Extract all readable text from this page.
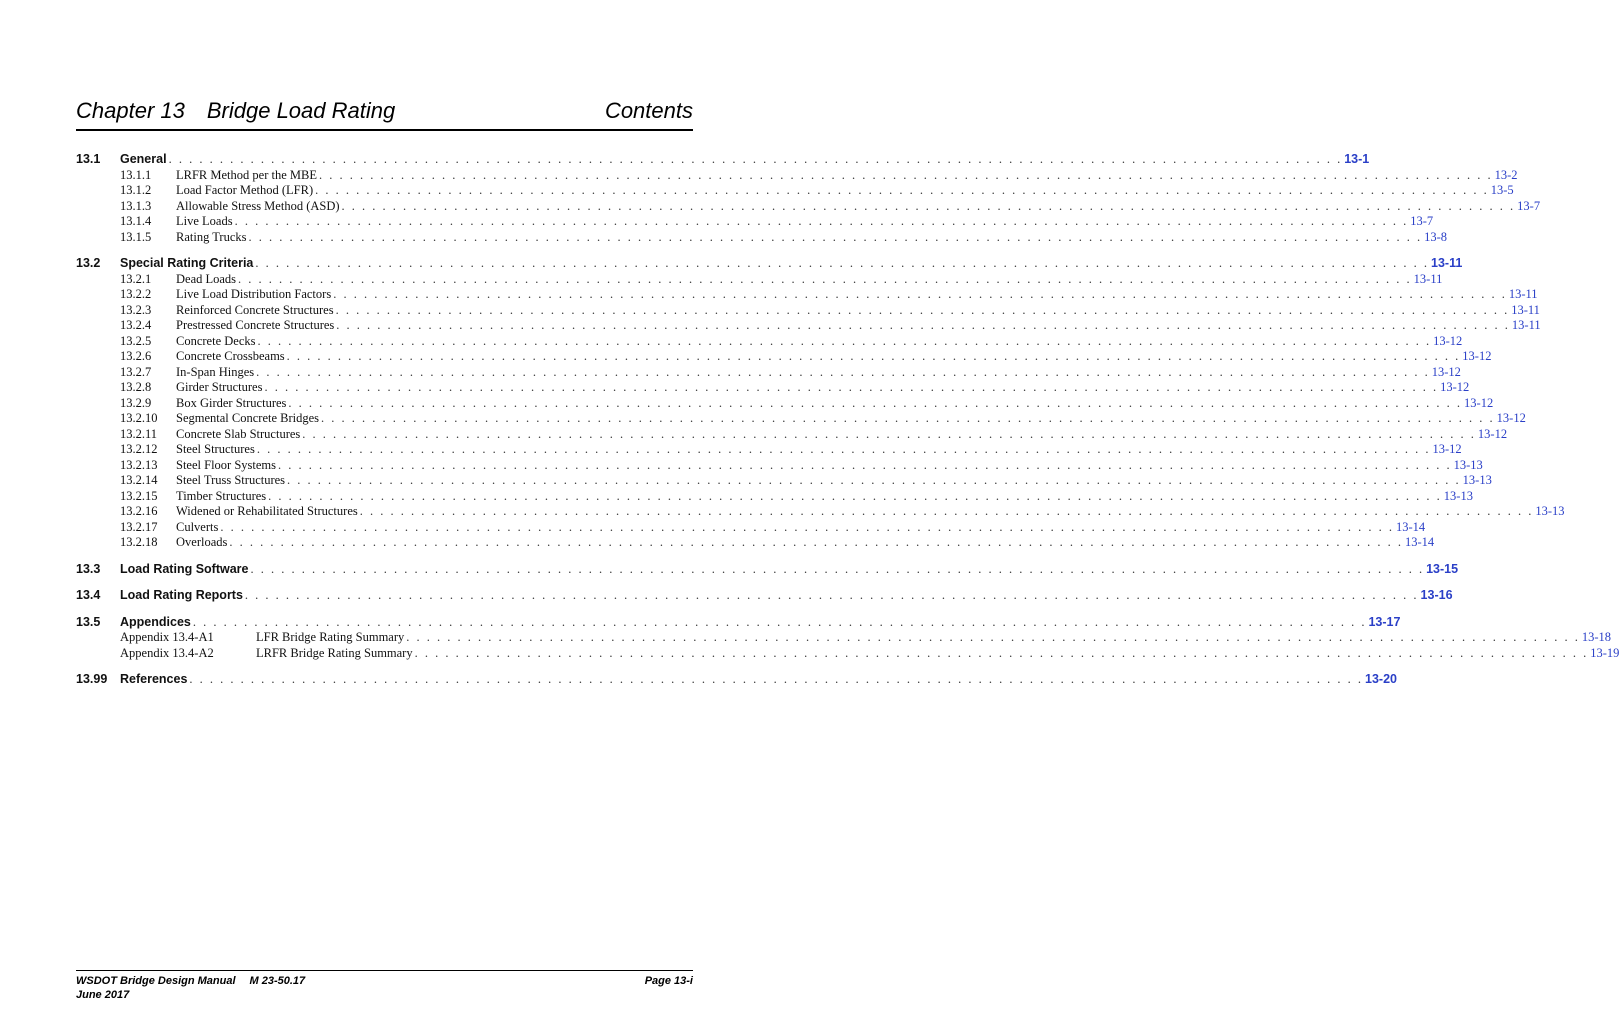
Chapter 13 Bridge Load Rating	Contents
13.1 General . . . . . . . . . . . . . . . . . . . . . . . . . . . . . . . . . . . . . . . . . . . . . . . . . . . . . . . . . . . . . . . . . . . . . . . . . . . . . . . . . . . . . . . . . . . . . . . . . . . . . . . . . . . . . . . . . . . 13-1
13.1.1 LRFR Method per the MBE . . . . . . . . . . . . . . . . . . . . . . . . . . . . . . . . . . . . . . . . . . . . . . . . . . . . . . . . . . . . . . . . . . . . . . . . . . . . . . . . . . . . . . . . . . . . . . . . . . . . . . . . . . . . . . . . . . . 13-2
13.1.2 Load Factor Method (LFR) . . . . . . . . . . . . . . . . . . . . . . . . . . . . . . . . . . . . . . . . . . . . . . . . . . . . . . . . . . . . . . . . . . . . . . . . . . . . . . . . . . . . . . . . . . . . . . . . . . . . . . . . . . . . . . . . . . . 13-5
13.1.3 Allowable Stress Method (ASD) . . . . . . . . . . . . . . . . . . . . . . . . . . . . . . . . . . . . . . . . . . . . . . . . . . . . . . . . . . . . . . . . . . . . . . . . . . . . . . . . . . . . . . . . . . . . . . . . . . . . . . . . . . . . . . . . . . . 13-7
13.1.4 Live Loads . . . . . . . . . . . . . . . . . . . . . . . . . . . . . . . . . . . . . . . . . . . . . . . . . . . . . . . . . . . . . . . . . . . . . . . . . . . . . . . . . . . . . . . . . . . . . . . . . . . . . . . . . . . . . . . . . . . 13-7
13.1.5 Rating Trucks . . . . . . . . . . . . . . . . . . . . . . . . . . . . . . . . . . . . . . . . . . . . . . . . . . . . . . . . . . . . . . . . . . . . . . . . . . . . . . . . . . . . . . . . . . . . . . . . . . . . . . . . . . . . . . . . . . . 13-8
13.2 Special Rating Criteria . . . . . . . . . . . . . . . . . . . . . . . . . . . . . . . . . . . . . . . . . . . . . . . . . . . . . . . . . . . . . . . . . . . . . . . . . . . . . . . . . . . . . . . . . . . . . . . . . . . . . . . . . . . . . . . . . . . 13-11
13.2.1 Dead Loads . . . . . . . . . . . . . . . . . . . . . . . . . . . . . . . . . . . . . . . . . . . . . . . . . . . . . . . . . . . . . . . . . . . . . . . . . . . . . . . . . . . . . . . . . . . . . . . . . . . . . . . . . . . . . . . . . . . 13-11
13.2.2 Live Load Distribution Factors . . . . . . . . . . . . . . . . . . . . . . . . . . . . . . . . . . . . . . . . . . . . . . . . . . . . . . . . . . . . . . . . . . . . . . . . . . . . . . . . . . . . . . . . . . . . . . . . . . . . . . . . . . . . . . . . . . . 13-11
13.2.3 Reinforced Concrete Structures . . . . . . . . . . . . . . . . . . . . . . . . . . . . . . . . . . . . . . . . . . . . . . . . . . . . . . . . . . . . . . . . . . . . . . . . . . . . . . . . . . . . . . . . . . . . . . . . . . . . . . . . . . . . . . . . . . . 13-11
13.2.4 Prestressed Concrete Structures . . . . . . . . . . . . . . . . . . . . . . . . . . . . . . . . . . . . . . . . . . . . . . . . . . . . . . . . . . . . . . . . . . . . . . . . . . . . . . . . . . . . . . . . . . . . . . . . . . . . . . . . . . . . . . . . . . . 13-11
13.2.5 Concrete Decks . . . . . . . . . . . . . . . . . . . . . . . . . . . . . . . . . . . . . . . . . . . . . . . . . . . . . . . . . . . . . . . . . . . . . . . . . . . . . . . . . . . . . . . . . . . . . . . . . . . . . . . . . . . . . . . . . . . 13-12
13.2.6 Concrete Crossbeams . . . . . . . . . . . . . . . . . . . . . . . . . . . . . . . . . . . . . . . . . . . . . . . . . . . . . . . . . . . . . . . . . . . . . . . . . . . . . . . . . . . . . . . . . . . . . . . . . . . . . . . . . . . . . . . . . . . 13-12
13.2.7 In-Span Hinges . . . . . . . . . . . . . . . . . . . . . . . . . . . . . . . . . . . . . . . . . . . . . . . . . . . . . . . . . . . . . . . . . . . . . . . . . . . . . . . . . . . . . . . . . . . . . . . . . . . . . . . . . . . . . . . . . . . 13-12
13.2.8 Girder Structures . . . . . . . . . . . . . . . . . . . . . . . . . . . . . . . . . . . . . . . . . . . . . . . . . . . . . . . . . . . . . . . . . . . . . . . . . . . . . . . . . . . . . . . . . . . . . . . . . . . . . . . . . . . . . . . . . . . 13-12
13.2.9 Box Girder Structures . . . . . . . . . . . . . . . . . . . . . . . . . . . . . . . . . . . . . . . . . . . . . . . . . . . . . . . . . . . . . . . . . . . . . . . . . . . . . . . . . . . . . . . . . . . . . . . . . . . . . . . . . . . . . . . . . . . 13-12
13.2.10 Segmental Concrete Bridges . . . . . . . . . . . . . . . . . . . . . . . . . . . . . . . . . . . . . . . . . . . . . . . . . . . . . . . . . . . . . . . . . . . . . . . . . . . . . . . . . . . . . . . . . . . . . . . . . . . . . . . . . . . . . . . . . . . 13-12
13.2.11 Concrete Slab Structures . . . . . . . . . . . . . . . . . . . . . . . . . . . . . . . . . . . . . . . . . . . . . . . . . . . . . . . . . . . . . . . . . . . . . . . . . . . . . . . . . . . . . . . . . . . . . . . . . . . . . . . . . . . . . . . . . . . 13-12
13.2.12 Steel Structures . . . . . . . . . . . . . . . . . . . . . . . . . . . . . . . . . . . . . . . . . . . . . . . . . . . . . . . . . . . . . . . . . . . . . . . . . . . . . . . . . . . . . . . . . . . . . . . . . . . . . . . . . . . . . . . . . . . 13-12
13.2.13 Steel Floor Systems . . . . . . . . . . . . . . . . . . . . . . . . . . . . . . . . . . . . . . . . . . . . . . . . . . . . . . . . . . . . . . . . . . . . . . . . . . . . . . . . . . . . . . . . . . . . . . . . . . . . . . . . . . . . . . . . . . . 13-13
13.2.14 Steel Truss Structures . . . . . . . . . . . . . . . . . . . . . . . . . . . . . . . . . . . . . . . . . . . . . . . . . . . . . . . . . . . . . . . . . . . . . . . . . . . . . . . . . . . . . . . . . . . . . . . . . . . . . . . . . . . . . . . . . . . 13-13
13.2.15 Timber Structures . . . . . . . . . . . . . . . . . . . . . . . . . . . . . . . . . . . . . . . . . . . . . . . . . . . . . . . . . . . . . . . . . . . . . . . . . . . . . . . . . . . . . . . . . . . . . . . . . . . . . . . . . . . . . . . . . . . 13-13
13.2.16 Widened or Rehabilitated Structures . . . . . . . . . . . . . . . . . . . . . . . . . . . . . . . . . . . . . . . . . . . . . . . . . . . . . . . . . . . . . . . . . . . . . . . . . . . . . . . . . . . . . . . . . . . . . . . . . . . . . . . . . . . . . . . . . . . 13-13
13.2.17 Culverts . . . . . . . . . . . . . . . . . . . . . . . . . . . . . . . . . . . . . . . . . . . . . . . . . . . . . . . . . . . . . . . . . . . . . . . . . . . . . . . . . . . . . . . . . . . . . . . . . . . . . . . . . . . . . . . . . . . 13-14
13.2.18 Overloads . . . . . . . . . . . . . . . . . . . . . . . . . . . . . . . . . . . . . . . . . . . . . . . . . . . . . . . . . . . . . . . . . . . . . . . . . . . . . . . . . . . . . . . . . . . . . . . . . . . . . . . . . . . . . . . . . . . 13-14
13.3 Load Rating Software . . . . . . . . . . . . . . . . . . . . . . . . . . . . . . . . . . . . . . . . . . . . . . . . . . . . . . . . . . . . . . . . . . . . . . . . . . . . . . . . . . . . . . . . . . . . . . . . . . . . . . . . . . . . . . . . . . . 13-15
13.4 Load Rating Reports . . . . . . . . . . . . . . . . . . . . . . . . . . . . . . . . . . . . . . . . . . . . . . . . . . . . . . . . . . . . . . . . . . . . . . . . . . . . . . . . . . . . . . . . . . . . . . . . . . . . . . . . . . . . . . . . . . . 13-16
13.5 Appendices . . . . . . . . . . . . . . . . . . . . . . . . . . . . . . . . . . . . . . . . . . . . . . . . . . . . . . . . . . . . . . . . . . . . . . . . . . . . . . . . . . . . . . . . . . . . . . . . . . . . . . . . . . . . . . . . . . . 13-17
Appendix 13.4-A1	LFR Bridge Rating Summary . . . . . . . . . . . . . . . . . . . . . . . . . . . . . . . . . . . . . . . . . . . . . . . . . . . . . . . . . . . . . . . . . . . . . . . . . . . . . . . . . . . . . . . . . . . . . . . . . . . . . . . . . . . . . . . . . . . 13-18
Appendix 13.4-A2	LRFR Bridge Rating Summary . . . . . . . . . . . . . . . . . . . . . . . . . . . . . . . . . . . . . . . . . . . . . . . . . . . . . . . . . . . . . . . . . . . . . . . . . . . . . . . . . . . . . . . . . . . . . . . . . . . . . . . . . . . . . . . . . . . 13-19
13.99 References . . . . . . . . . . . . . . . . . . . . . . . . . . . . . . . . . . . . . . . . . . . . . . . . . . . . . . . . . . . . . . . . . . . . . . . . . . . . . . . . . . . . . . . . . . . . . . . . . . . . . . . . . . . . . . . . . . . 13-20
WSDOT Bridge Design Manual M 23-50.17
June 2017
Page 13-i
